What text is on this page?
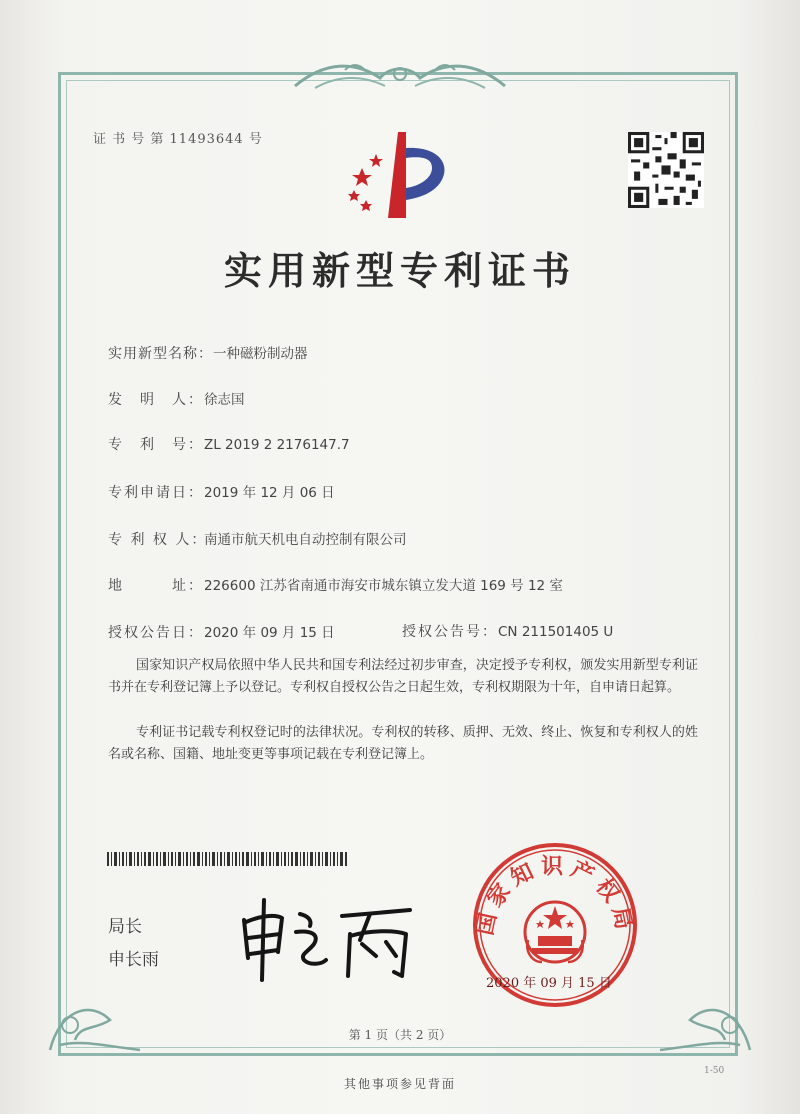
证 书 号 第 11493644 号
实用新型专利证书
实用新型名称：一种磁粉制动器
发　明　人：徐志国
专　利　号：ZL 2019 2 2176147.7
专利申请日：2019 年 12 月 06 日
专 利 权 人：南通市航天机电自动控制有限公司
地　　　址：226600 江苏省南通市海安市城东镇立发大道 169 号 12 室
授权公告日：2020 年 09 月 15 日	授权公告号：CN 211501405 U
国家知识产权局依照中华人民共和国专利法经过初步审查，决定授予专利权，颁发实用新型专利证书并在专利登记簿上予以登记。专利权自授权公告之日起生效，专利权期限为十年，自申请日起算。
专利证书记载专利权登记时的法律状况。专利权的转移、质押、无效、终止、恢复和专利权人的姓名或名称、国籍、地址变更等事项记载在专利登记簿上。
局长
申长雨
国家知识产权局
2020 年 09 月 15 日
第 1 页（共 2 页）
其他事项参见背面
1-50
